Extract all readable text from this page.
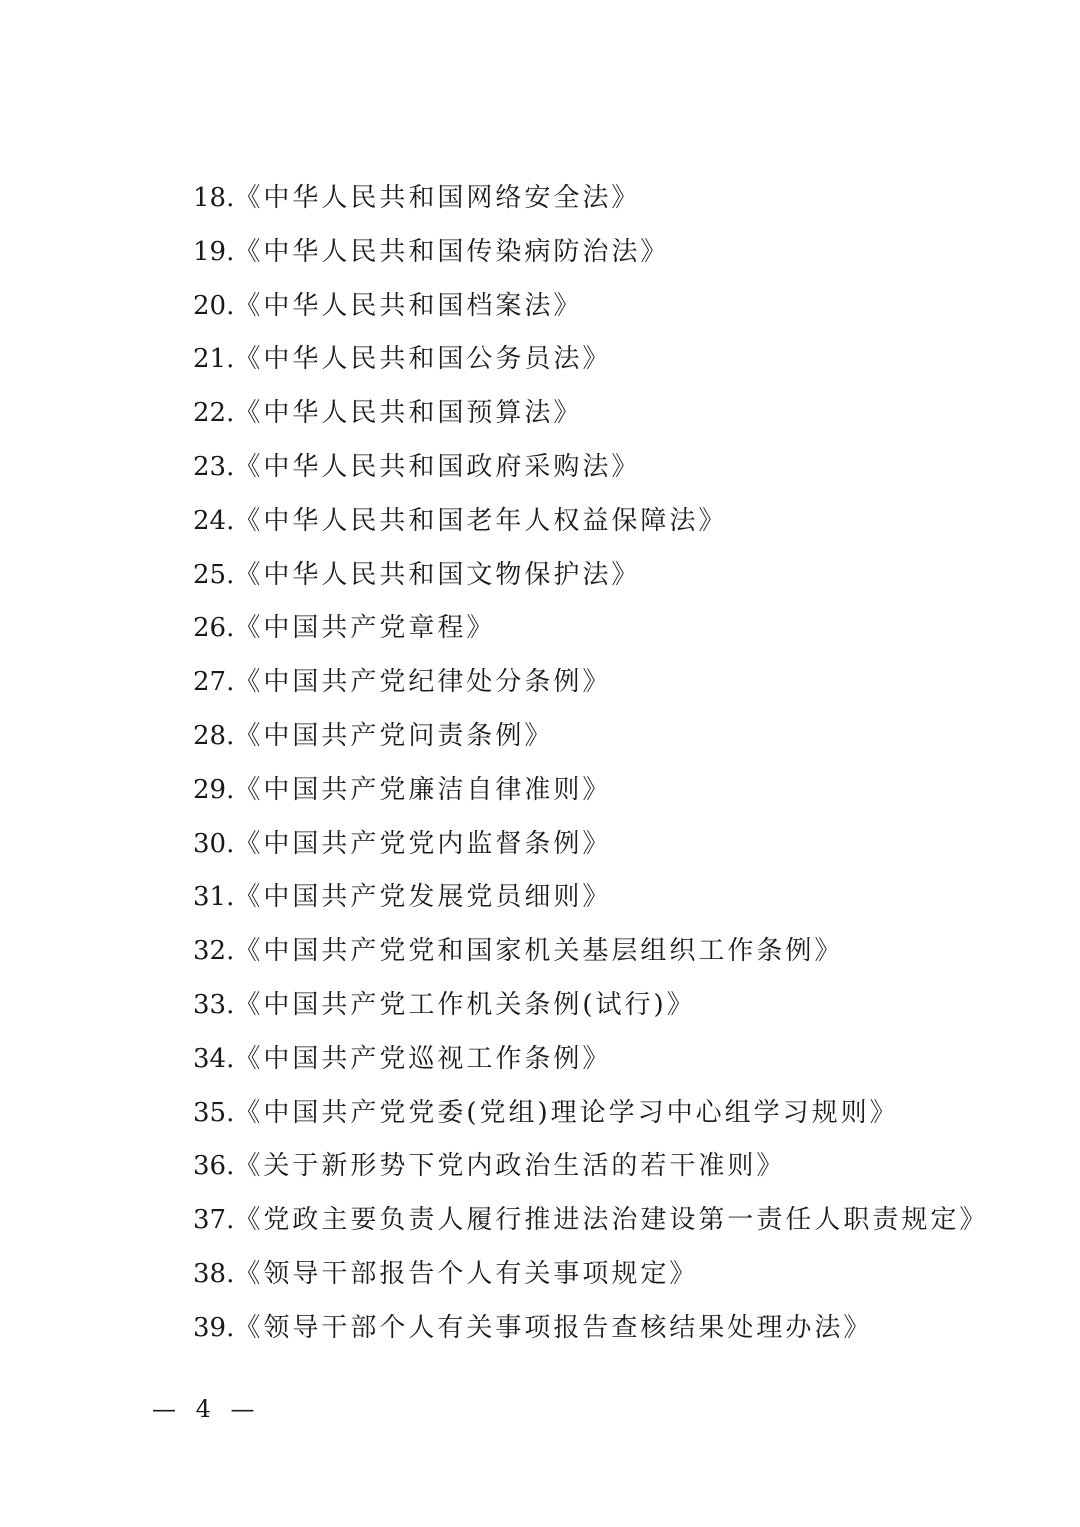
18.《中华人民共和国网络安全法》
19.《中华人民共和国传染病防治法》
20.《中华人民共和国档案法》
21.《中华人民共和国公务员法》
22.《中华人民共和国预算法》
23.《中华人民共和国政府采购法》
24.《中华人民共和国老年人权益保障法》
25.《中华人民共和国文物保护法》
26.《中国共产党章程》
27.《中国共产党纪律处分条例》
28.《中国共产党问责条例》
29.《中国共产党廉洁自律准则》
30.《中国共产党党内监督条例》
31.《中国共产党发展党员细则》
32.《中国共产党党和国家机关基层组织工作条例》
33.《中国共产党工作机关条例(试行)》
34.《中国共产党巡视工作条例》
35.《中国共产党党委(党组)理论学习中心组学习规则》
36.《关于新形势下党内政治生活的若干准则》
37.《党政主要负责人履行推进法治建设第一责任人职责规定》
38.《领导干部报告个人有关事项规定》
39.《领导干部个人有关事项报告查核结果处理办法》
— 4 —
